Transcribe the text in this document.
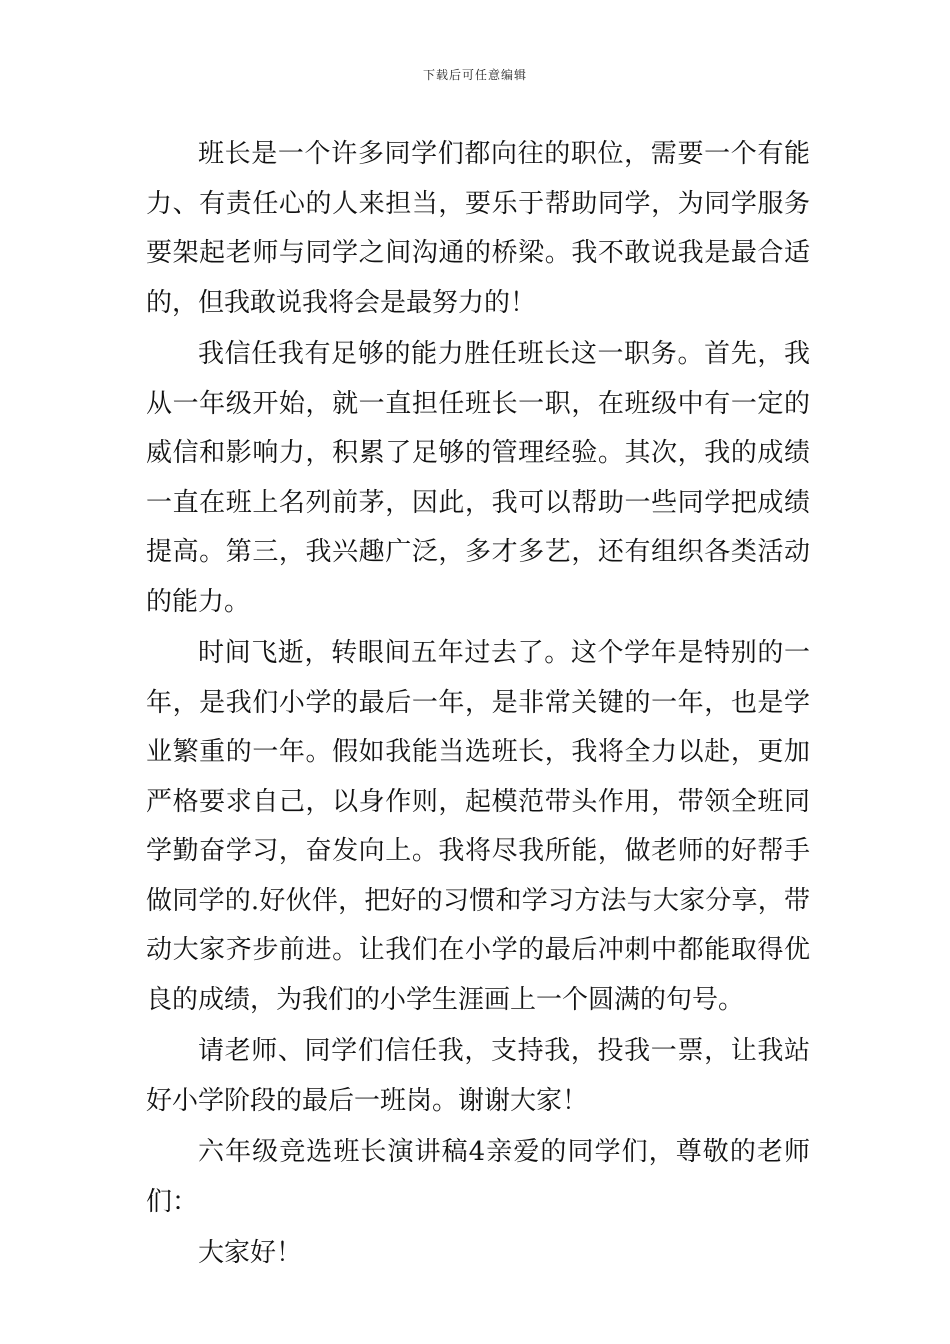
下载后可任意编辑

班长是一个许多同学们都向往的职位，需要一个有能力、有责任心的人来担当，要乐于帮助同学，为同学服务要架起老师与同学之间沟通的桥梁。我不敢说我是最合适的，但我敢说我将会是最努力的！

我信任我有足够的能力胜任班长这一职务。首先，我从一年级开始，就一直担任班长一职，在班级中有一定的威信和影响力，积累了足够的管理经验。其次，我的成绩一直在班上名列前茅，因此，我可以帮助一些同学把成绩提高。第三，我兴趣广泛，多才多艺，还有组织各类活动的能力。

时间飞逝，转眼间五年过去了。这个学年是特别的一年，是我们小学的最后一年，是非常关键的一年，也是学业繁重的一年。假如我能当选班长，我将全力以赴，更加严格要求自己，以身作则，起模范带头作用，带领全班同学勤奋学习，奋发向上。我将尽我所能，做老师的好帮手做同学的.好伙伴，把好的习惯和学习方法与大家分享，带动大家齐步前进。让我们在小学的最后冲刺中都能取得优良的成绩，为我们的小学生涯画上一个圆满的句号。

请老师、同学们信任我，支持我，投我一票，让我站好小学阶段的最后一班岗。谢谢大家！

六年级竞选班长演讲稿4亲爱的同学们，尊敬的老师们：

大家好！
